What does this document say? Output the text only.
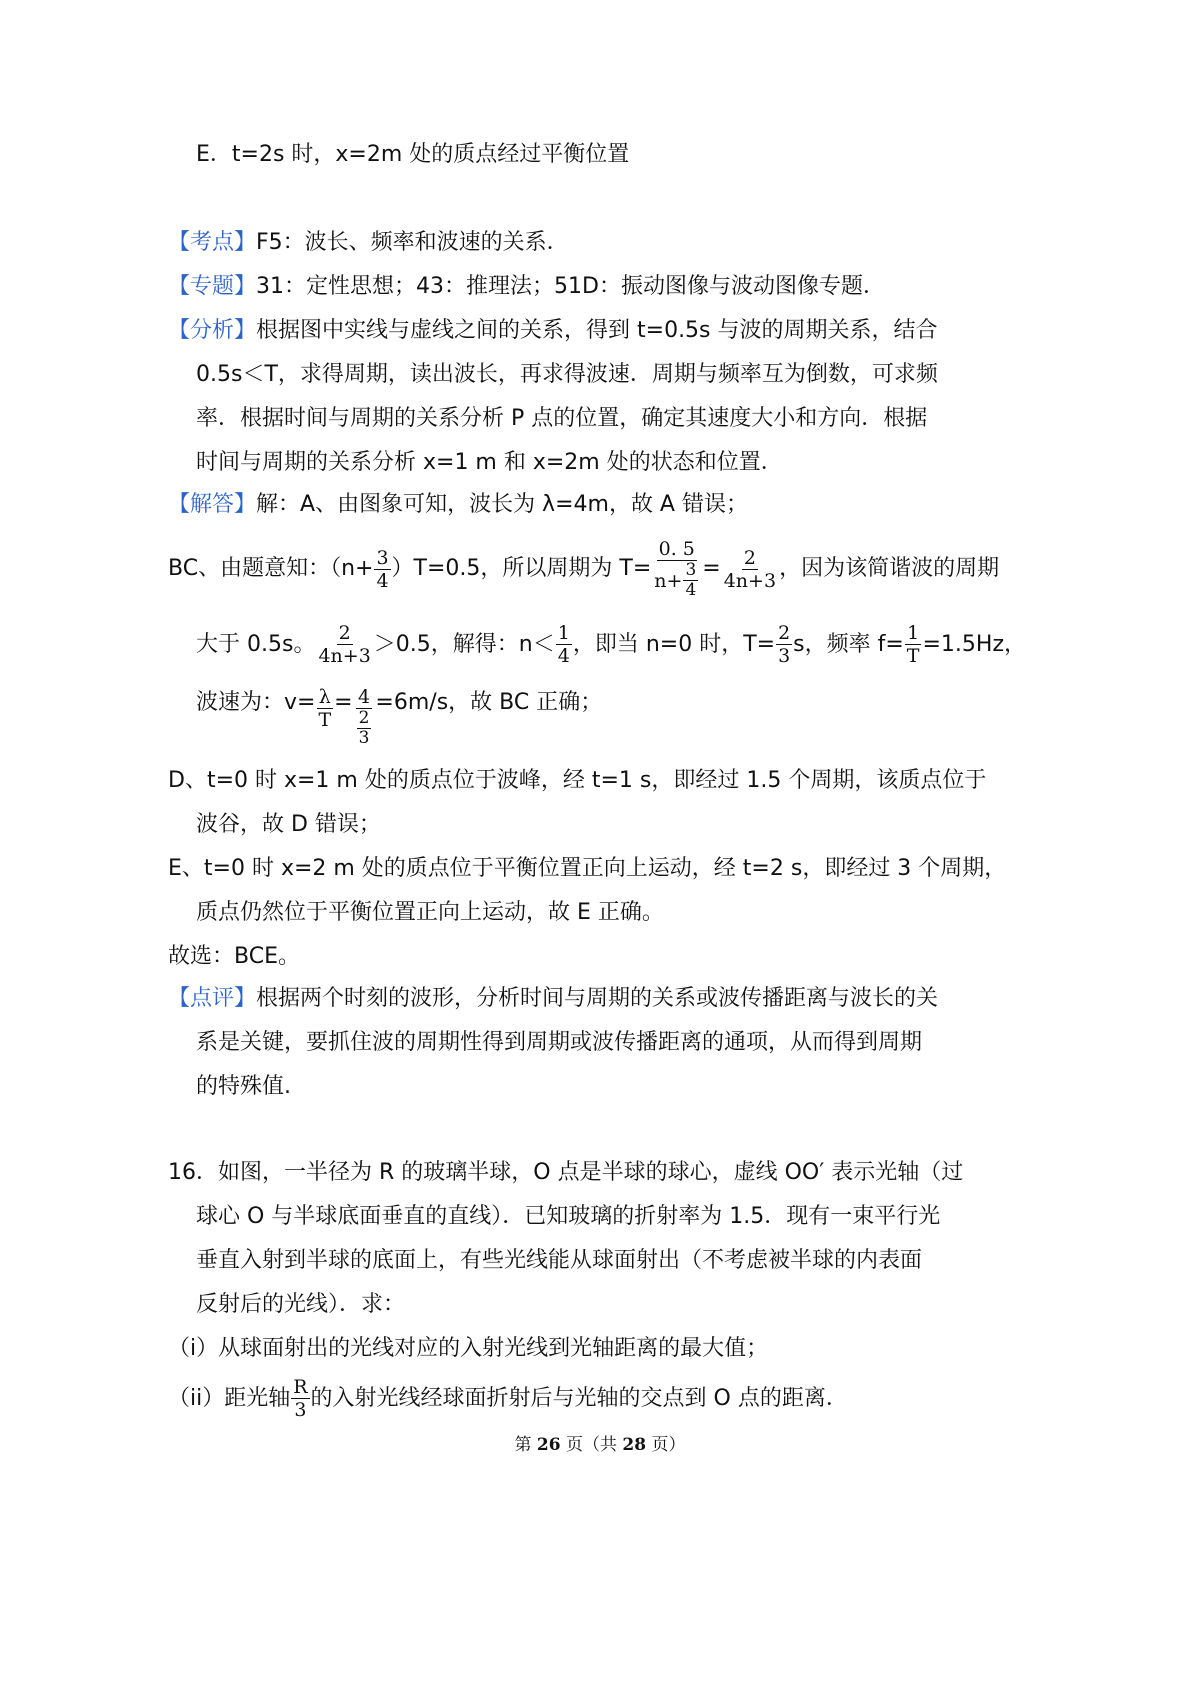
E．t=2s 时，x=2m 处的质点经过平衡位置
【考点】F5：波长、频率和波速的关系．
【专题】31：定性思想；43：推理法；51D：振动图像与波动图像专题．
【分析】根据图中实线与虚线之间的关系，得到 t=0.5s 与波的周期关系，结合
0.5s＜T，求得周期，读出波长，再求得波速．周期与频率互为倒数，可求频
率．根据时间与周期的关系分析 P 点的位置，确定其速度大小和方向．根据
时间与周期的关系分析 x=1 m 和 x=2m 处的状态和位置．
【解答】解：A、由图象可知，波长为 λ=4m，故 A 错误；
BC、由题意知：$(n+ \frac{3}{4} )T=0.5$，所以周期为 $T= \frac{0. 5}{n+ \frac{3}{4}} = \frac{2}{4n+3}$ ，因为该简谐波的周期
大于 0.5s。 $\frac{2}{4n+3} >0.5$，解得：$n< \frac{1}{4}$ ，即当 n=0 时，$T= \frac{2}{3}$ s，频率 $f= \frac{1}{T} =1.5Hz$，
波速为：$v= \frac{\lambda}{T} = \frac{4}{\frac{2}{3}} =6m/s$，故 BC 正确；
D、t=0 时 x=1 m 处的质点位于波峰，经 t=1 s，即经过 1.5 个周期，该质点位于
波谷，故 D 错误；
E、t=0 时 x=2 m 处的质点位于平衡位置正向上运动，经 t=2 s，即经过 3 个周期，
质点仍然位于平衡位置正向上运动，故 E 正确。
故选：BCE。
【点评】根据两个时刻的波形，分析时间与周期的关系或波传播距离与波长的关
系是关键，要抓住波的周期性得到周期或波传播距离的通项，从而得到周期
的特殊值.
16．如图，一半径为 R 的玻璃半球，O 点是半球的球心，虚线 OO′ 表示光轴（过
球心 O 与半球底面垂直的直线）．已知玻璃的折射率为 1.5．现有一束平行光
垂直入射到半球的底面上，有些光线能从球面射出（不考虑被半球的内表面
反射后的光线）．求：
（i）从球面射出的光线对应的入射光线到光轴距离的最大值；
（ii）距光轴 $\frac{R}{3}$ 的入射光线经球面折射后与光轴的交点到 O 点的距离．
第 26 页（共 28 页）
